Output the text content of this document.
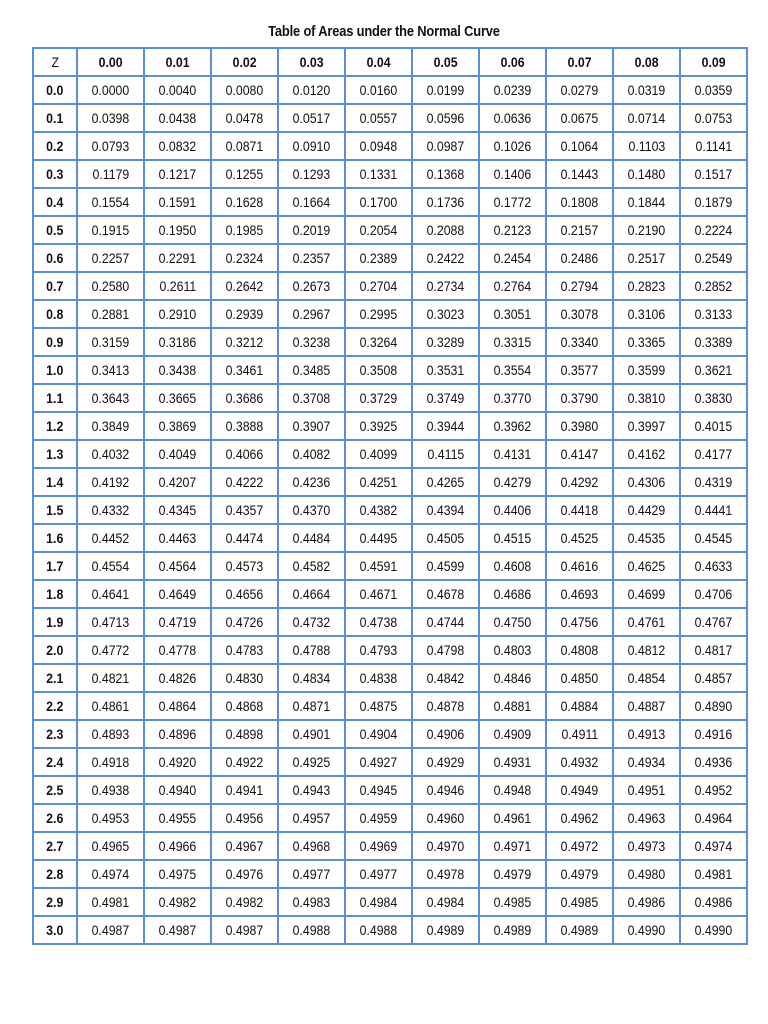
Table of Areas under the Normal Curve
Z	0.00	0.01	0.02	0.03	0.04	0.05	0.06	0.07	0.08	0.09
0.0	0.0000	0.0040	0.0080	0.0120	0.0160	0.0199	0.0239	0.0279	0.0319	0.0359
0.1	0.0398	0.0438	0.0478	0.0517	0.0557	0.0596	0.0636	0.0675	0.0714	0.0753
0.2	0.0793	0.0832	0.0871	0.0910	0.0948	0.0987	0.1026	0.1064	0.1103	0.1141
0.3	0.1179	0.1217	0.1255	0.1293	0.1331	0.1368	0.1406	0.1443	0.1480	0.1517
0.4	0.1554	0.1591	0.1628	0.1664	0.1700	0.1736	0.1772	0.1808	0.1844	0.1879
0.5	0.1915	0.1950	0.1985	0.2019	0.2054	0.2088	0.2123	0.2157	0.2190	0.2224
0.6	0.2257	0.2291	0.2324	0.2357	0.2389	0.2422	0.2454	0.2486	0.2517	0.2549
0.7	0.2580	0.2611	0.2642	0.2673	0.2704	0.2734	0.2764	0.2794	0.2823	0.2852
0.8	0.2881	0.2910	0.2939	0.2967	0.2995	0.3023	0.3051	0.3078	0.3106	0.3133
0.9	0.3159	0.3186	0.3212	0.3238	0.3264	0.3289	0.3315	0.3340	0.3365	0.3389
1.0	0.3413	0.3438	0.3461	0.3485	0.3508	0.3531	0.3554	0.3577	0.3599	0.3621
1.1	0.3643	0.3665	0.3686	0.3708	0.3729	0.3749	0.3770	0.3790	0.3810	0.3830
1.2	0.3849	0.3869	0.3888	0.3907	0.3925	0.3944	0.3962	0.3980	0.3997	0.4015
1.3	0.4032	0.4049	0.4066	0.4082	0.4099	0.4115	0.4131	0.4147	0.4162	0.4177
1.4	0.4192	0.4207	0.4222	0.4236	0.4251	0.4265	0.4279	0.4292	0.4306	0.4319
1.5	0.4332	0.4345	0.4357	0.4370	0.4382	0.4394	0.4406	0.4418	0.4429	0.4441
1.6	0.4452	0.4463	0.4474	0.4484	0.4495	0.4505	0.4515	0.4525	0.4535	0.4545
1.7	0.4554	0.4564	0.4573	0.4582	0.4591	0.4599	0.4608	0.4616	0.4625	0.4633
1.8	0.4641	0.4649	0.4656	0.4664	0.4671	0.4678	0.4686	0.4693	0.4699	0.4706
1.9	0.4713	0.4719	0.4726	0.4732	0.4738	0.4744	0.4750	0.4756	0.4761	0.4767
2.0	0.4772	0.4778	0.4783	0.4788	0.4793	0.4798	0.4803	0.4808	0.4812	0.4817
2.1	0.4821	0.4826	0.4830	0.4834	0.4838	0.4842	0.4846	0.4850	0.4854	0.4857
2.2	0.4861	0.4864	0.4868	0.4871	0.4875	0.4878	0.4881	0.4884	0.4887	0.4890
2.3	0.4893	0.4896	0.4898	0.4901	0.4904	0.4906	0.4909	0.4911	0.4913	0.4916
2.4	0.4918	0.4920	0.4922	0.4925	0.4927	0.4929	0.4931	0.4932	0.4934	0.4936
2.5	0.4938	0.4940	0.4941	0.4943	0.4945	0.4946	0.4948	0.4949	0.4951	0.4952
2.6	0.4953	0.4955	0.4956	0.4957	0.4959	0.4960	0.4961	0.4962	0.4963	0.4964
2.7	0.4965	0.4966	0.4967	0.4968	0.4969	0.4970	0.4971	0.4972	0.4973	0.4974
2.8	0.4974	0.4975	0.4976	0.4977	0.4977	0.4978	0.4979	0.4979	0.4980	0.4981
2.9	0.4981	0.4982	0.4982	0.4983	0.4984	0.4984	0.4985	0.4985	0.4986	0.4986
3.0	0.4987	0.4987	0.4987	0.4988	0.4988	0.4989	0.4989	0.4989	0.4990	0.4990
